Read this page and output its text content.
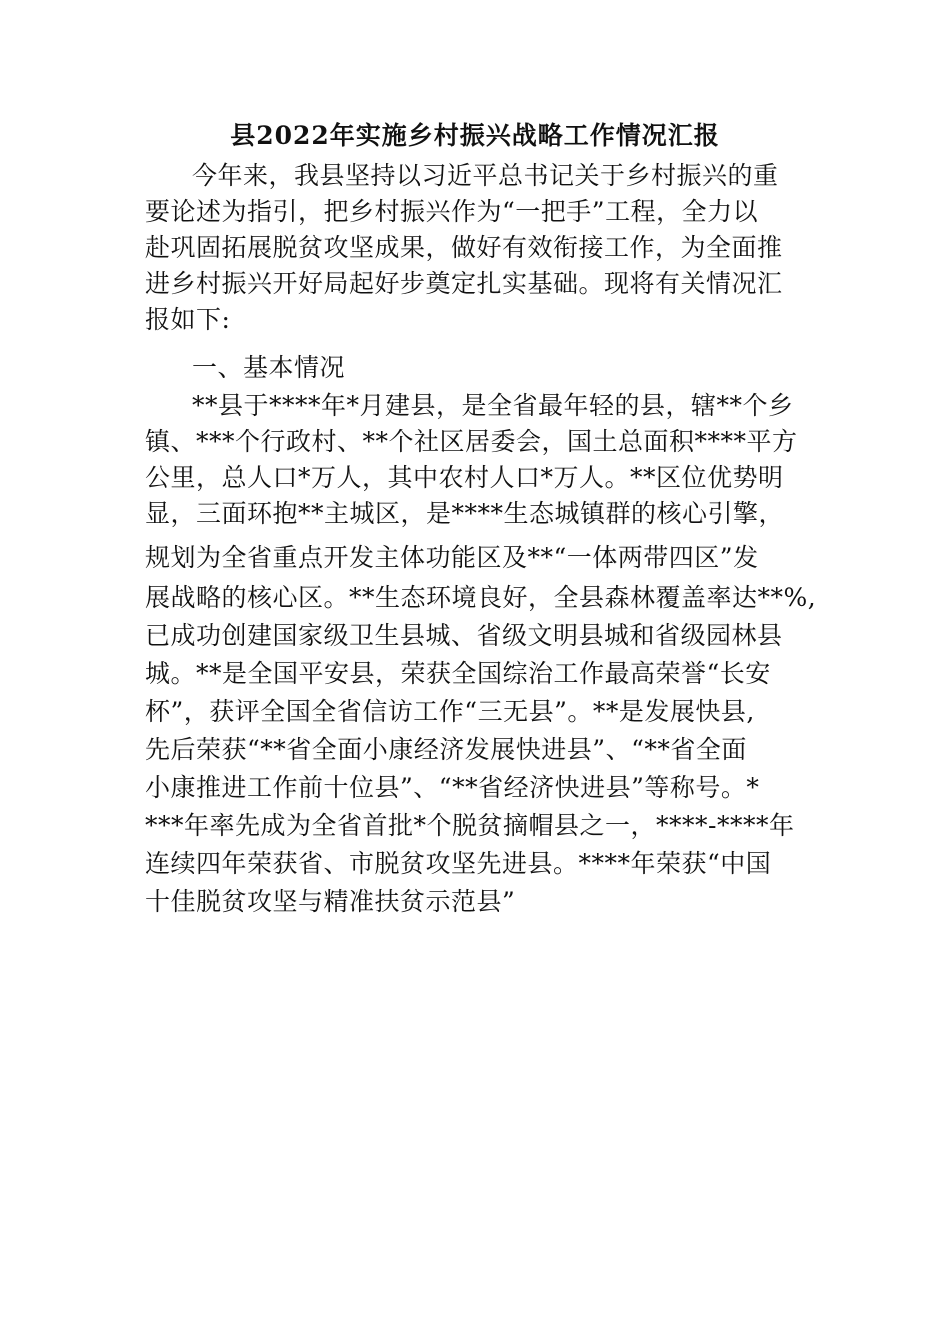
县2022年实施乡村振兴战略工作情况汇报
今年来，我县坚持以习近平总书记关于乡村振兴的重
要论述为指引，把乡村振兴作为“一把手”工程，全力以
赴巩固拓展脱贫攻坚成果，做好有效衔接工作，为全面推
进乡村振兴开好局起好步奠定扎实基础。现将有关情况汇
报如下:
一、基本情况
**县于****年*月建县，是全省最年轻的县，辖**个乡
镇、***个行政村、**个社区居委会，国土总面积****平方
公里，总人口*万人，其中农村人口*万人。**区位优势明
显，三面环抱**主城区，是****生态城镇群的核心引擎，
规划为全省重点开发主体功能区及**“一体两带四区”发
展战略的核心区。**生态环境良好，全县森林覆盖率达**%,
已成功创建国家级卫生县城、省级文明县城和省级园林县
城。**是全国平安县，荣获全国综治工作最高荣誉“长安
杯”，获评全国全省信访工作“三无县”。**是发展快县,
先后荣获“**省全面小康经济发展快进县”、“**省全面
小康推进工作前十位县”、“**省经济快进县”等称号。*
***年率先成为全省首批*个脱贫摘帽县之一，****-****年
连续四年荣获省、市脱贫攻坚先进县。****年荣获“中国
十佳脱贫攻坚与精准扶贫示范县”
